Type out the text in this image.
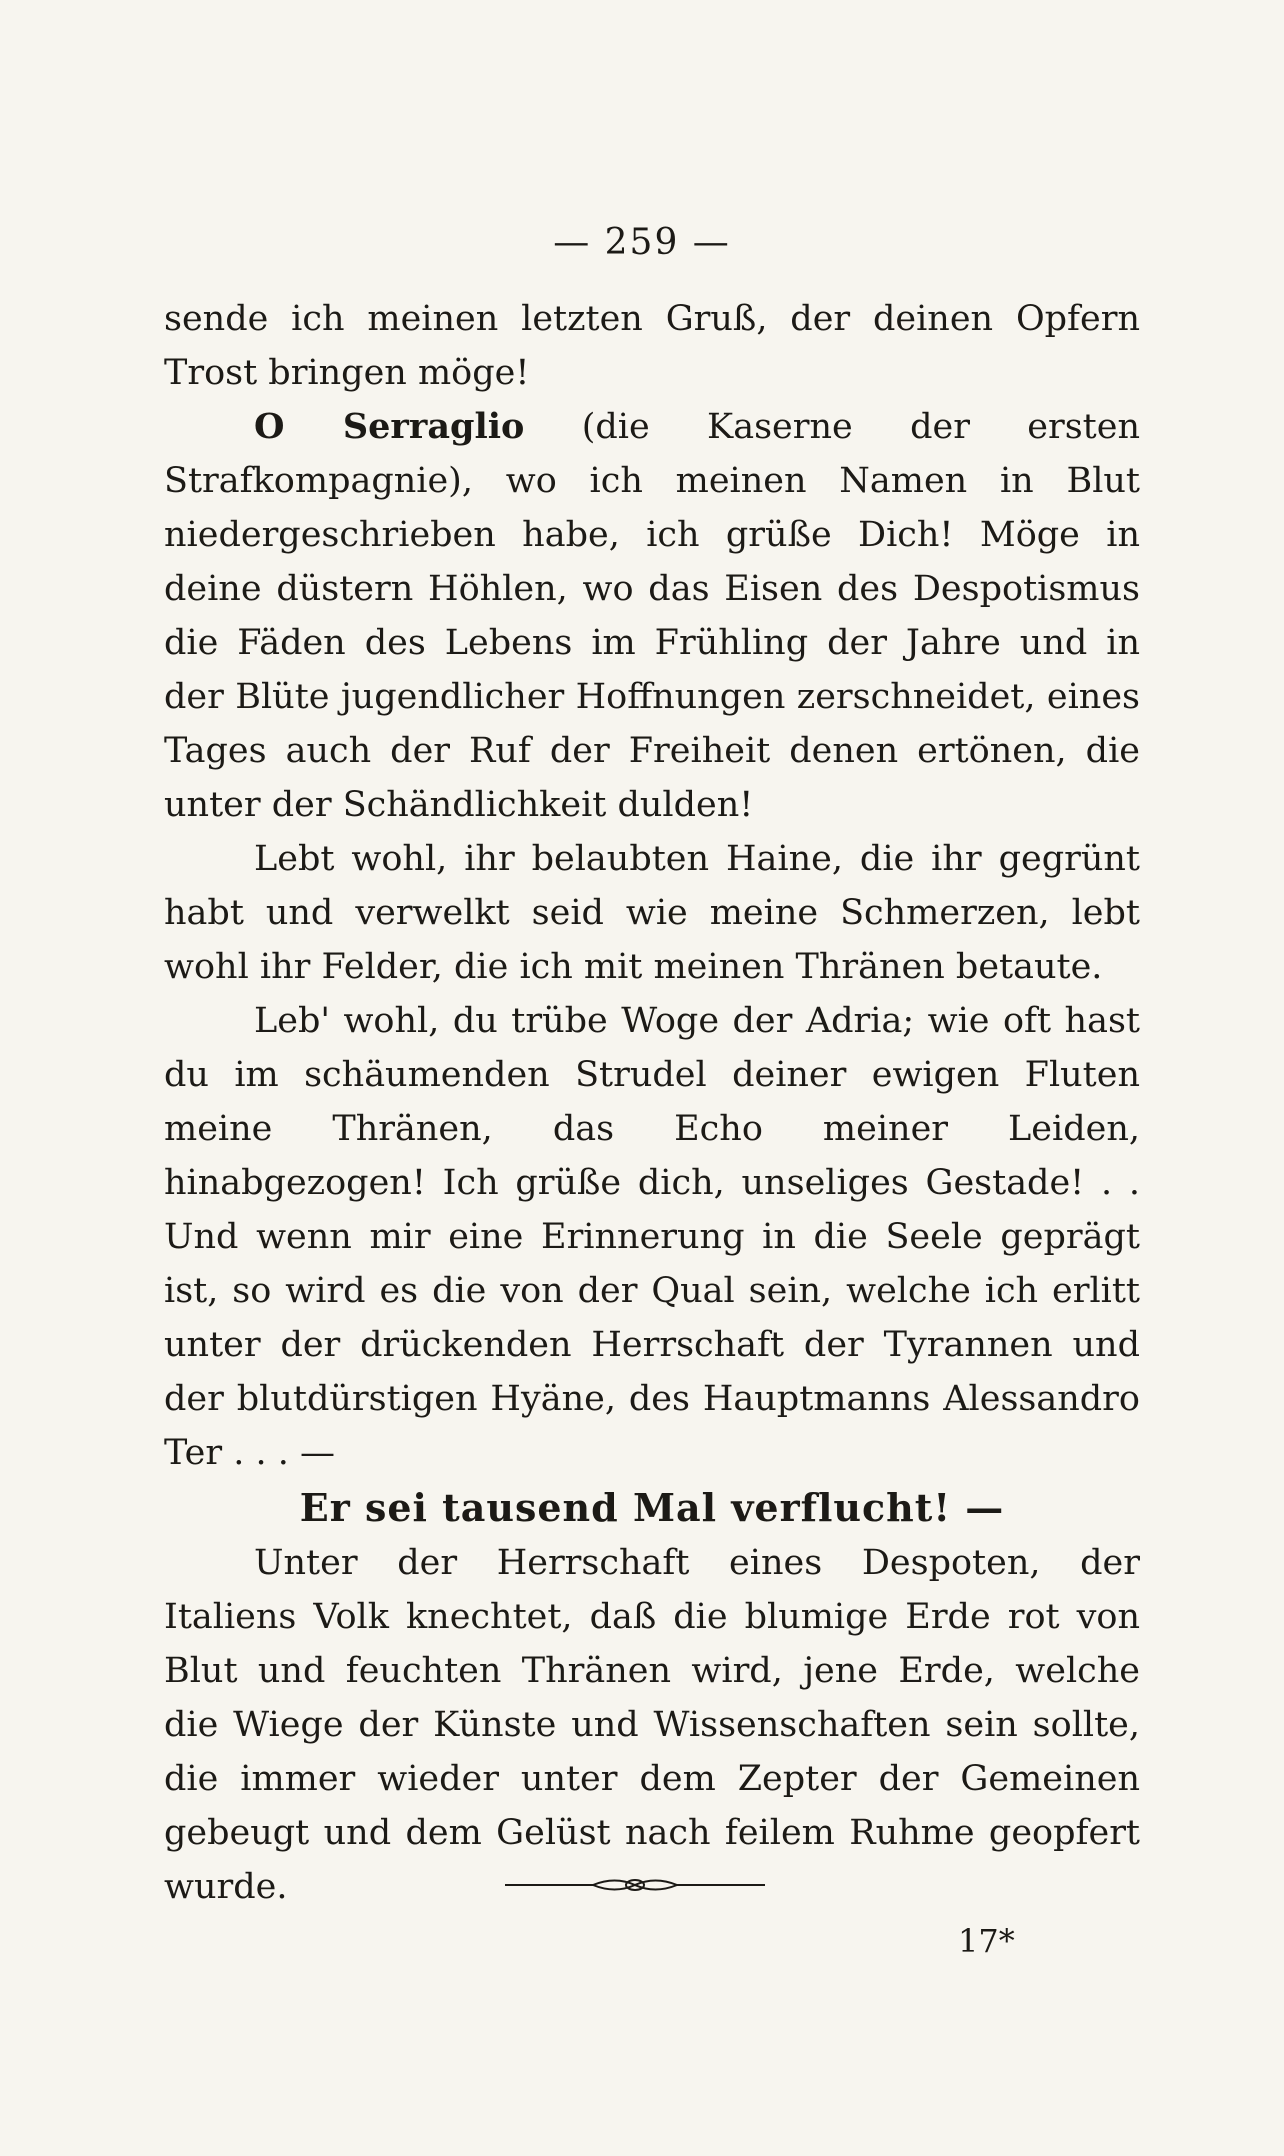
— 259 —

sende ich meinen letzten Gruß, der deinen Opfern Trost bringen möge!

O Serraglio (die Kaserne der ersten Strafkompagnie), wo ich meinen Namen in Blut niedergeschrieben habe, ich grüße Dich! Möge in deine düstern Höhlen, wo das Eisen des Despotismus die Fäden des Lebens im Frühling der Jahre und in der Blüte jugendlicher Hoffnungen zerschneidet, eines Tages auch der Ruf der Freiheit denen ertönen, die unter der Schändlichkeit dulden!

Lebt wohl, ihr belaubten Haine, die ihr gegrünt habt und verwelkt seid wie meine Schmerzen, lebt wohl ihr Felder, die ich mit meinen Thränen betaute.

Leb' wohl, du trübe Woge der Adria; wie oft hast du im schäumenden Strudel deiner ewigen Fluten meine Thränen, das Echo meiner Leiden, hinabgezogen! Ich grüße dich, unseliges Gestade! . . Und wenn mir eine Erinnerung in die Seele geprägt ist, so wird es die von der Qual sein, welche ich erlitt unter der drückenden Herrschaft der Tyrannen und der blutdürstigen Hyäne, des Hauptmanns Alessandro Ter . . . —

Er sei tausend Mal verflucht! —

Unter der Herrschaft eines Despoten, der Italiens Volk knechtet, daß die blumige Erde rot von Blut und feuchten Thränen wird, jene Erde, welche die Wiege der Künste und Wissenschaften sein sollte, die immer wieder unter dem Zepter der Gemeinen gebeugt und dem Gelüst nach feilem Ruhme geopfert wurde.

17*
